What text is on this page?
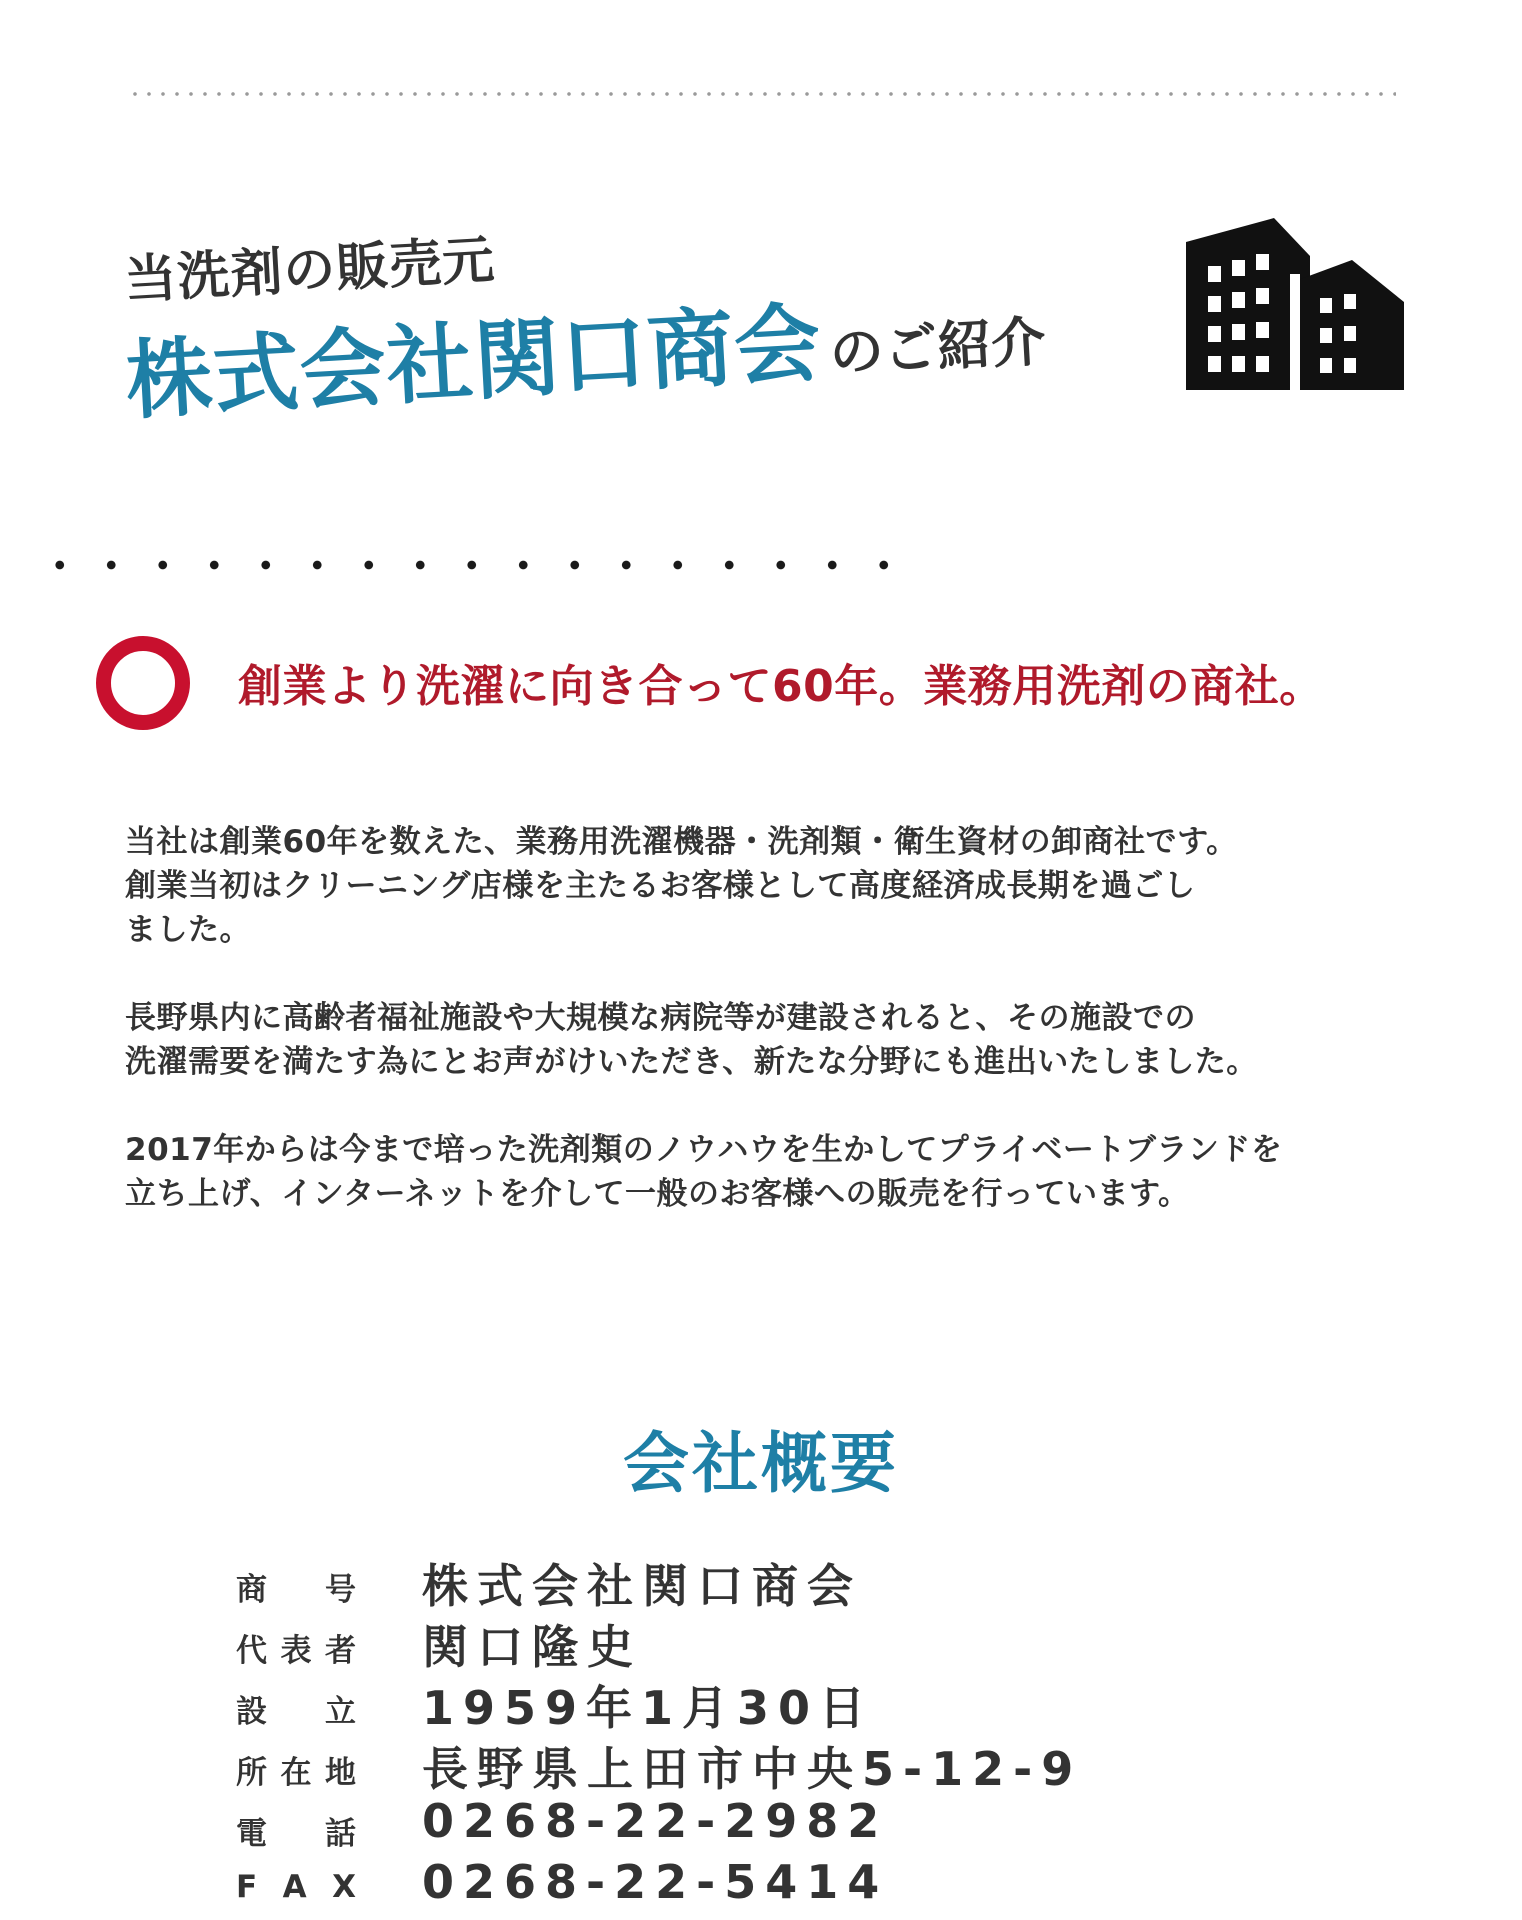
当洗剤の販売元
株式会社関口商会のご紹介
創業より洗濯に向き合って60年。業務用洗剤の商社。

当社は創業60年を数えた、業務用洗濯機器・洗剤類・衛生資材の卸商社です。

創業当初はクリーニング店様を主たるお客様として高度経済成長期を過ごし

ました。

長野県内に高齢者福祉施設や大規模な病院等が建設されると、その施設での

洗濯需要を満たす為にとお声がけいただき、新たな分野にも進出いたしました。

2017年からは今まで培った洗剤類のノウハウを生かしてプライベートブランドを

立ち上げ、インターネットを介して一般のお客様への販売を行っています。

会社概要
商 号 株式会社関口商会
代 表 者 関口隆史
設 立 1959年1月30日
所 在 地 長野県上田市中央5-12-9
電 話 0268-22-2982
F A X 0268-22-5414
